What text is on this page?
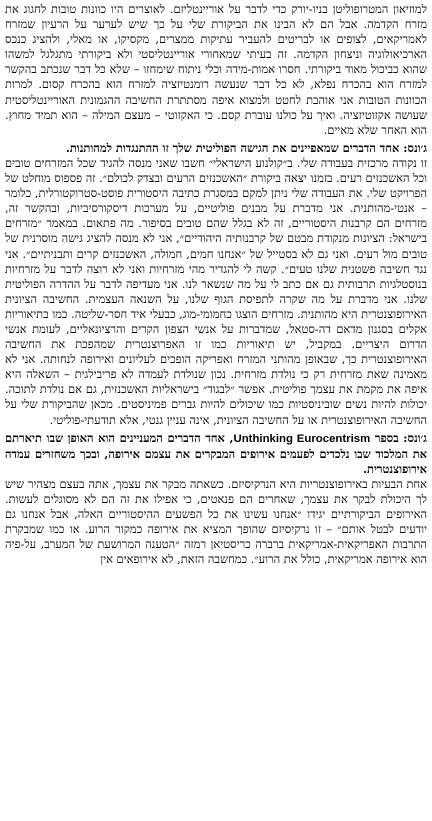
למוזיאון המטרופוליטן בניו-יורק כדי לדבר על אוריינטליזם. לאוצרים היו כוונות טובות לחגוג את מזרח הקדמה. אבל הם לא הבינו את הביקורת שלי על כך שיש לערער על הרעיון שמזרח לאמריקאים, לצופים או לבריטים להעביר עתיקות ממצרים, מקסיקו, או מאלי, ולהציג כנכס הארכיאולוגיה וניצחון הקדמה. זה בעיתי שמאחורי אוריינטליסטי ולא ביקורתי מתגלגל למשהו שהוא כביכול מאוד ביקורתי. חסרו אמות-מידה וכלי ניתוח שימחזו – שלא כל דבר שנכתב בהקשר למזרח הוא בהכרח נפלא, לא כל דבר שנעשה רומנטיזציה למזרח הוא בהכרח קסום. למרות הכוונות הטובות אני אוהבת לחטט ולמצוא איפה מסתתרת החשיבה ההגמונית האוריינטליסטית שעושה אקזוטיזציה. ואיך על כולנו עוברת קסם. כי האקזוטי – מעצם המילה – הוא תמיד מחוץ. הוא האחר שלא מאיים.

ג׳ונס: אחד הדברים שמאפיינים את הגישה הפוליטית שלך זו ההתנגדות למהותנות.

זו נקודה מרכזית בעבודה שלי. ב״קולנוע הישראלי״ חשבו שאני מנסה להגיד שכל המזרחים טובים וכל האשכנזים רעים. בזמנו יצאה ביקורת ״האשכנזים הרעים ובצדק לכולם״. זה פספוס מוחלט של הפרויקט שלי. את העבודה שלי ניתן למקם במסגרת כתיבה היסטורית פוסט-סטרוקטורלית, כלומר – אנטי-מהותנית. אני מדברת על מבנים פוליטיים, על מערכות דיסקורסיביות, ובהקשר זה, מזרחים הם קרבנות היסטוריים, זה לא בגלל שהם טובים בסיפור. מה פתאום. במאמר ״מזרחים בישראל: הציונות מנקודת מבטם של קרבנותיה היהודיים״, אני לא מנסה להציג גישה מוסרנית של טובים מול רעים. ואני גם לא בסטייל של ״אנחנו חמים, חמולה, האשכנזים קרים ותבניתיים״. אני נגד חשיבה פשטנית שלנו טעים״. קשה לי להגדיר מהי מזרחיות ואני לא רוצה לדבר על מזרחיות בנוסטלגיות תרבותית גם אם כתב לי על מה שנשאר לנו. אני מעדיפה לדבר על ההדרה הפוליטית שלנו. אני מדברת על מה שקרה לתפיסת הגוף שלנו, על השנאה העצמית. החשיבה הציונית האירופוצנטרית היא מהותנית. מזרחים הוצגו כחמומי-מוג, כבעלי איד חסר-שליטה. כמו בתיאוריות אקלים בסגנון מדאם דה-סטאל, שמדברות על אנשי הצפון הקרים והרציונאליים, לעומת אנשי הדרום היצריים. במקביל, יש תיאוריות כמו זו האפרוצנטרית שמהפכת את החשיבה האירופוצנטרית כך, שבאופן מהותני המזרח ואפריקה הופכים לעליונים ואירופה לנחותה. אני לא מאמינה שאת מזרחית רק כי נולדת מזרחית. נכון שנולדת לעמדה לא פריבילגית – השאלה היא איפה את מקמת את עצמך פוליטית. אפשר ״לבגוד״ בישראליות האשכנזית, גם אם נולדת לתוכה. יכולות להיות נשים שוביניסטיות כמו שיכולים להיות גברים פמיניסטים. מכאן שהביקורת שלי על החשיבה האירופוצנטרית או על החשיבה הציונית, אינה עניין גנטי, אלא תודעתי-פוליטי.

ג׳ונס: בספר Unthinking Eurocentrism, אחד הדברים המעניינים הוא האופן שבו תיארתם את המלכוד שבו נלכדים לפעמים אירופים המבקרים את עצמם אירופה, ובכך משחזרים עמדה אירופוצנטרית.

אחת הבעיות באירופוצנטריות היא הנרקיסיזם. כשאתה מבקר את עצמך, אתה בעצם מצהיר שיש לך היכולת לבקר את עצמך, שאחרים הם פנאטים, כי אפילו את זה הם לא מסוגלים לעשות. האירופים הביקורתיים יגידו ״אנחנו עשינו את כל הפשעים ההיסטוריים האלה, אבל אנחנו גם יודעים לבטל אותם״ – זו נרקיסיזם שהופך המציא את אירופה כמקור הרוע. או כמו שמבקרת התרבות האפריקאית-אמריקאית ברברה כריסטיאן רמזה ״הטענה המרושעת של המערב, על-פיה הוא אירופה אמריקאית, כולל את הרוע״. כמחשבה הזאת, לא אירופאים אין
